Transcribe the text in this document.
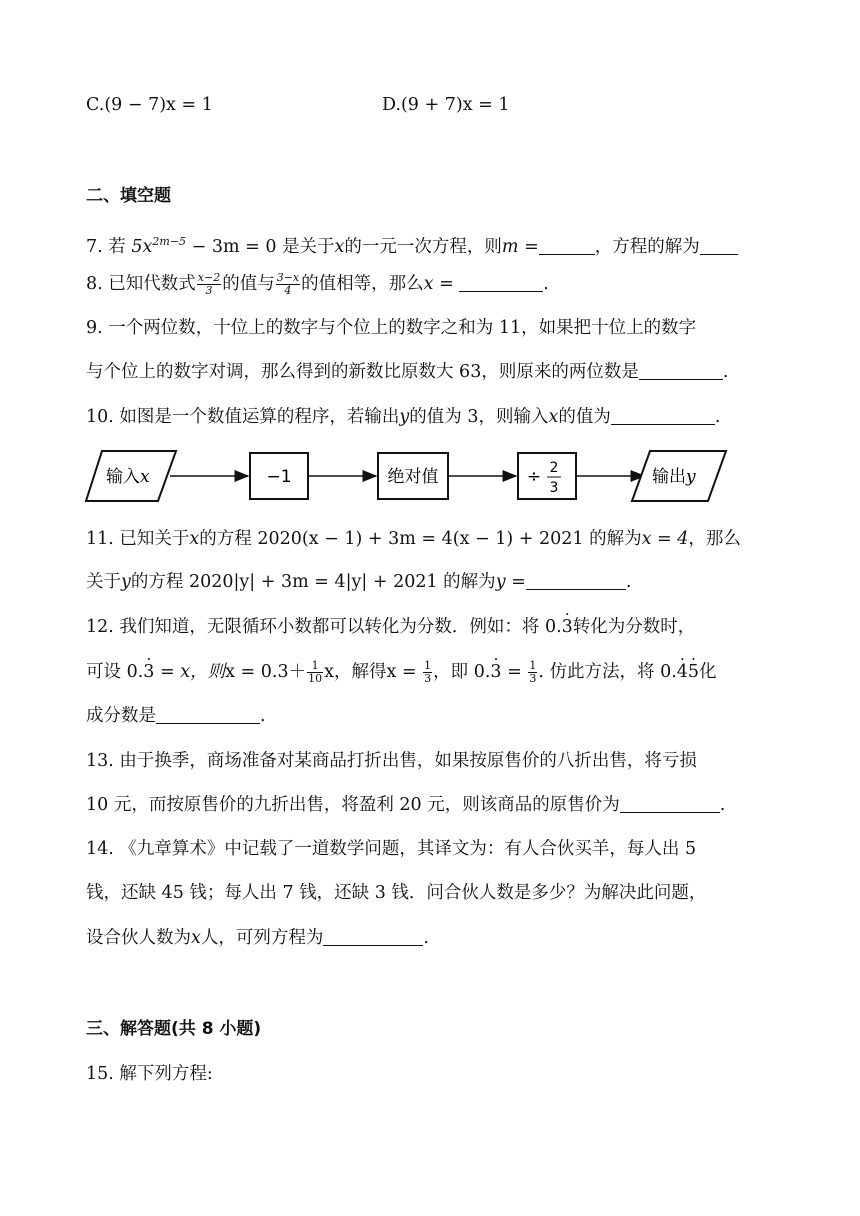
C.(9 − 7)x = 1	D.(9 + 7)x = 1
二、填空题
7. 若 $5x^{2m-5} - 3m = 0$ 是关于x的一元一次方程，则m =	，方程的解为
8. 已知代数式 $\frac{x-2}{3}$ 的值与 $\frac{3-x}{4}$ 的值相等，那么x =	.
9. 一个两位数，十位上的数字与个位上的数字之和为 11，如果把十位上的数字
与个位上的数字对调，那么得到的新数比原数大 63，则原来的两位数是	.
10. 如图是一个数值运算的程序，若输出y的值为 3，则输入x的值为	.
输入x	−1	绝对值	÷ 2
3
输出y
11. 已知关于x的方程 2020(x − 1) + 3m = 4(x − 1) + 2021 的解为x = 4，那么
关于y的方程 2020|y| + 3m = 4|y| + 2021 的解为y =	.
12. 我们知道，无限循环小数都可以转化为分数．例如：将 0.· 3转化为分数时，
可设 0.· 3 = x，则$x = 0.3+ \frac{1}{10}$ x，解得$x = \frac{1}{3}$ ，即 $0.\cdot 3 = \frac{1}{3}$ . 仿此方法，将 0.· 4· 5化
成分数是	.
13. 由于换季，商场准备对某商品打折出售，如果按原售价的八折出售，将亏损
10 元，而按原售价的九折出售，将盈利 20 元，则该商品的原售价为	.
14. 《九章算术》中记载了一道数学问题，其译文为：有人合伙买羊，每人出 5
钱，还缺 45 钱；每人出 7 钱，还缺 3 钱．问合伙人数是多少？为解决此问题，
设合伙人数为x人，可列方程为	.
三、解答题(共 8 小题)
15. 解下列方程:
